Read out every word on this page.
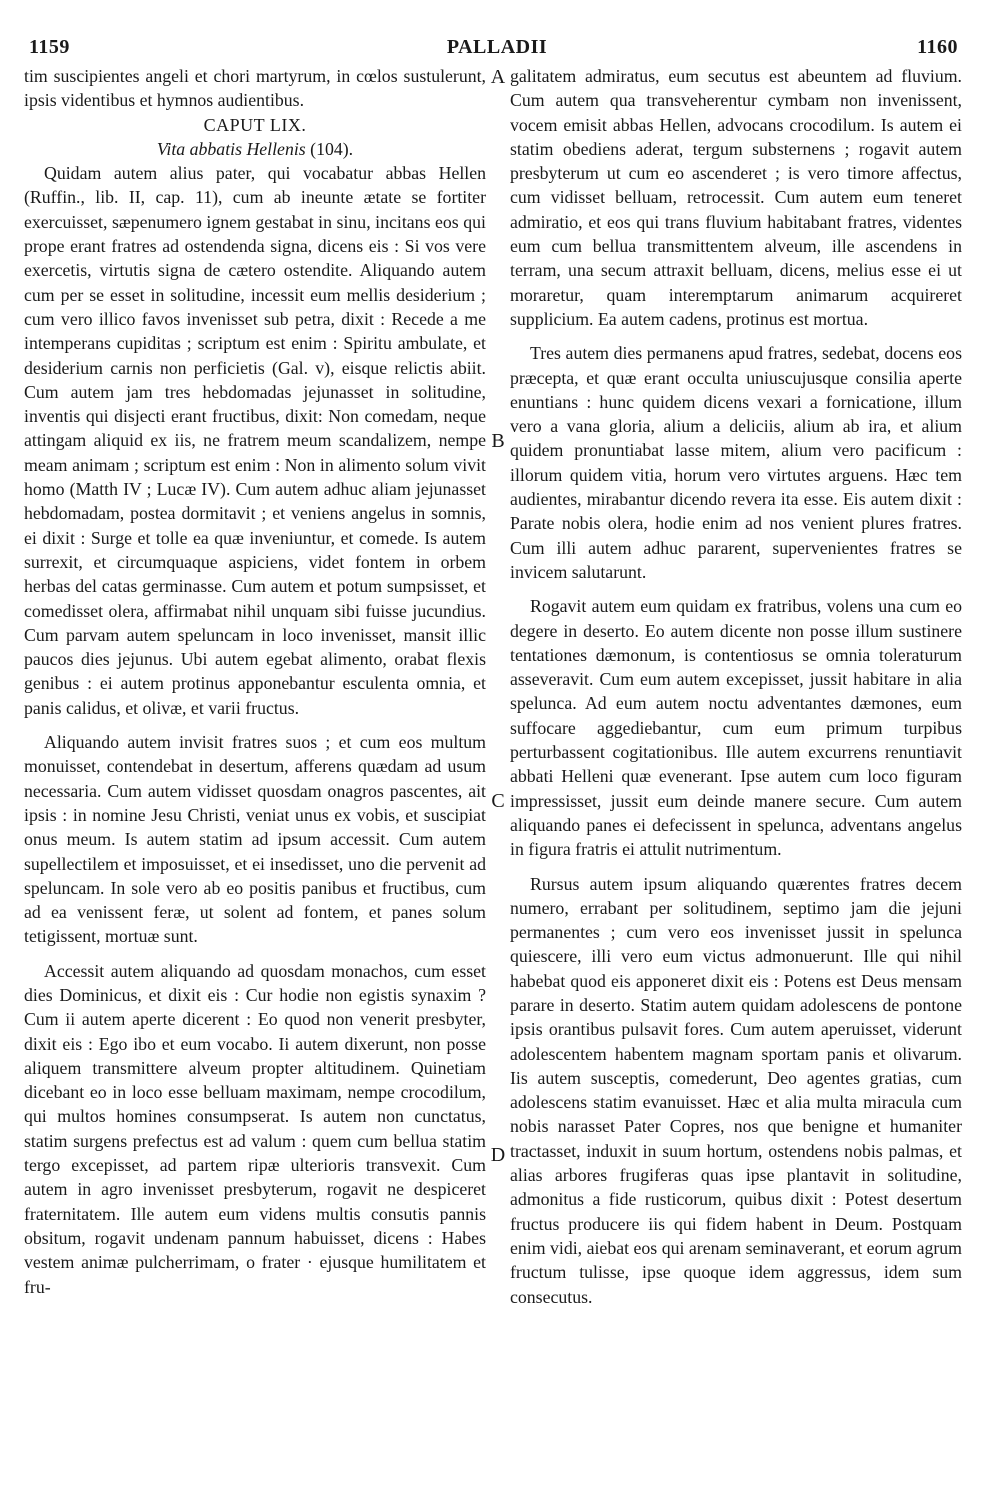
1159	PALLADII	1160

tim suscipientes angeli et chori martyrum, in cœlos sustulerunt, ipsis videntibus et hymnos audientibus.

CAPUT LIX.

Vita abbatis Hellenis (104).

Quidam autem alius pater, qui vocabatur abbas Hellen (Ruffin., lib. II, cap. 11), cum ab ineunte ætate se fortiter exercuisset, sæpenumero ignem gestabat in sinu, incitans eos qui prope erant fratres ad ostendenda signa, dicens eis : Si vos vere exercetis, virtutis signa de cætero ostendite. Aliquando autem cum per se esset in solitudine, incessit eum mellis desiderium ; cum vero illico favos invenisset sub petra, dixit : Recede a me intemperans cupiditas ; scriptum est enim : Spiritu ambulate, et desiderium carnis non perficietis (Gal. v), eisque relictis abiit. Cum autem jam tres hebdomadas jejunasset in solitudine, inventis qui disjecti erant fructibus, dixit: Non comedam, neque attingam aliquid ex iis, ne fratrem meum scandalizem, nempe meam animam ; scriptum est enim : Non in alimento solum vivit homo (Matth IV ; Lucæ IV). Cum autem adhuc aliam jejunasset hebdomadam, postea dormitavit ; et veniens angelus in somnis, ei dixit : Surge et tolle ea quæ inveniuntur, et comede. Is autem surrexit, et circumquaque aspiciens, videt fontem in orbem herbas del catas germinasse. Cum autem et potum sumpsisset, et comedisset olera, affirmabat nihil unquam sibi fuisse jucundius. Cum parvam autem speluncam in loco invenisset, mansit illic paucos dies jejunus. Ubi autem egebat alimento, orabat flexis genibus : ei autem protinus apponebantur esculenta omnia, et panis calidus, et olivæ, et varii fructus.

Aliquando autem invisit fratres suos ; et cum eos multum monuisset, contendebat in desertum, afferens quædam ad usum necessaria. Cum autem vidisset quosdam onagros pascentes, ait ipsis : in nomine Jesu Christi, veniat unus ex vobis, et suscipiat onus meum. Is autem statim ad ipsum accessit. Cum autem supellectilem et imposuisset, et ei insedisset, uno die pervenit ad speluncam. In sole vero ab eo positis panibus et fructibus, cum ad ea venissent feræ, ut solent ad fontem, et panes solum tetigissent, mortuæ sunt.

Accessit autem aliquando ad quosdam monachos, cum esset dies Dominicus, et dixit eis : Cur hodie non egistis synaxim ? Cum ii autem aperte dicerent : Eo quod non venerit presbyter, dixit eis : Ego ibo et eum vocabo. Ii autem dixerunt, non posse aliquem transmittere alveum propter altitudinem. Quinetiam dicebant eo in loco esse belluam maximam, nempe crocodilum, qui multos homines consumpserat. Is autem non cunctatus, statim surgens prefectus est ad valum : quem cum bellua statim tergo excepisset, ad partem ripæ ulterioris transvexit. Cum autem in agro invenisset presbyterum, rogavit ne despiceret fraternitatem. Ille autem eum videns multis consutis pannis obsitum, rogavit undenam pannum habuisset, dicens : Habes vestem animæ pulcherrimam, o frater · ejusque humilitatem et fru-

galitatem admiratus, eum secutus est abeuntem ad fluvium. Cum autem qua transveherentur cymbam non invenissent, vocem emisit abbas Hellen, advocans crocodilum. Is autem ei statim obediens aderat, tergum substernens ; rogavit autem presbyterum ut cum eo ascenderet ; is vero timore affectus, cum vidisset belluam, retrocessit. Cum autem eum teneret admiratio, et eos qui trans fluvium habitabant fratres, videntes eum cum bellua transmittentem alveum, ille ascendens in terram, una secum attraxit belluam, dicens, melius esse ei ut moraretur, quam interemptarum animarum acquireret supplicium. Ea autem cadens, protinus est mortua.

Tres autem dies permanens apud fratres, sedebat, docens eos præcepta, et quæ erant occulta uniuscujusque consilia aperte enuntians : hunc quidem dicens vexari a fornicatione, illum vero a vana gloria, alium a deliciis, alium ab ira, et alium quidem pronuntiabat lasse mitem, alium vero pacificum : illorum quidem vitia, horum vero virtutes arguens. Hæc tem audientes, mirabantur dicendo revera ita esse. Eis autem dixit : Parate nobis olera, hodie enim ad nos venient plures fratres. Cum illi autem adhuc pararent, supervenientes fratres se invicem salutarunt.

Rogavit autem eum quidam ex fratribus, volens una cum eo degere in deserto. Eo autem dicente non posse illum sustinere tentationes dæmonum, is contentiosus se omnia toleraturum asseveravit. Cum eum autem excepisset, jussit habitare in alia spelunca. Ad eum autem noctu adventantes dæmones, eum suffocare aggediebantur, cum eum primum turpibus perturbassent cogitationibus. Ille autem excurrens renuntiavit abbati Helleni quæ evenerant. Ipse autem cum loco figuram impressisset, jussit eum deinde manere secure. Cum autem aliquando panes ei defecissent in spelunca, adventans angelus in figura fratris ei attulit nutrimentum.

Rursus autem ipsum aliquando quærentes fratres decem numero, errabant per solitudinem, septimo jam die jejuni permanentes ; cum vero eos invenisset jussit in spelunca quiescere, illi vero eum victus admonuerunt. Ille qui nihil habebat quod eis apponeret dixit eis : Potens est Deus mensam parare in deserto. Statim autem quidam adolescens de pontone ipsis orantibus pulsavit fores. Cum autem aperuisset, viderunt adolescentem habentem magnam sportam panis et olivarum. Iis autem susceptis, comederunt, Deo agentes gratias, cum adolescens statim evanuisset. Hæc et alia multa miracula cum nobis narasset Pater Copres, nos que benigne et humaniter tractasset, induxit in suum hortum, ostendens nobis palmas, et alias arbores frugiferas quas ipse plantavit in solitudine, admonitus a fide rusticorum, quibus dixit : Potest desertum fructus producere iis qui fidem habent in Deum. Postquam enim vidi, aiebat eos qui arenam seminaverant, et eorum agrum fructum tulisse, ipse quoque idem aggressus, idem sum consecutus.

A
B
C
D
